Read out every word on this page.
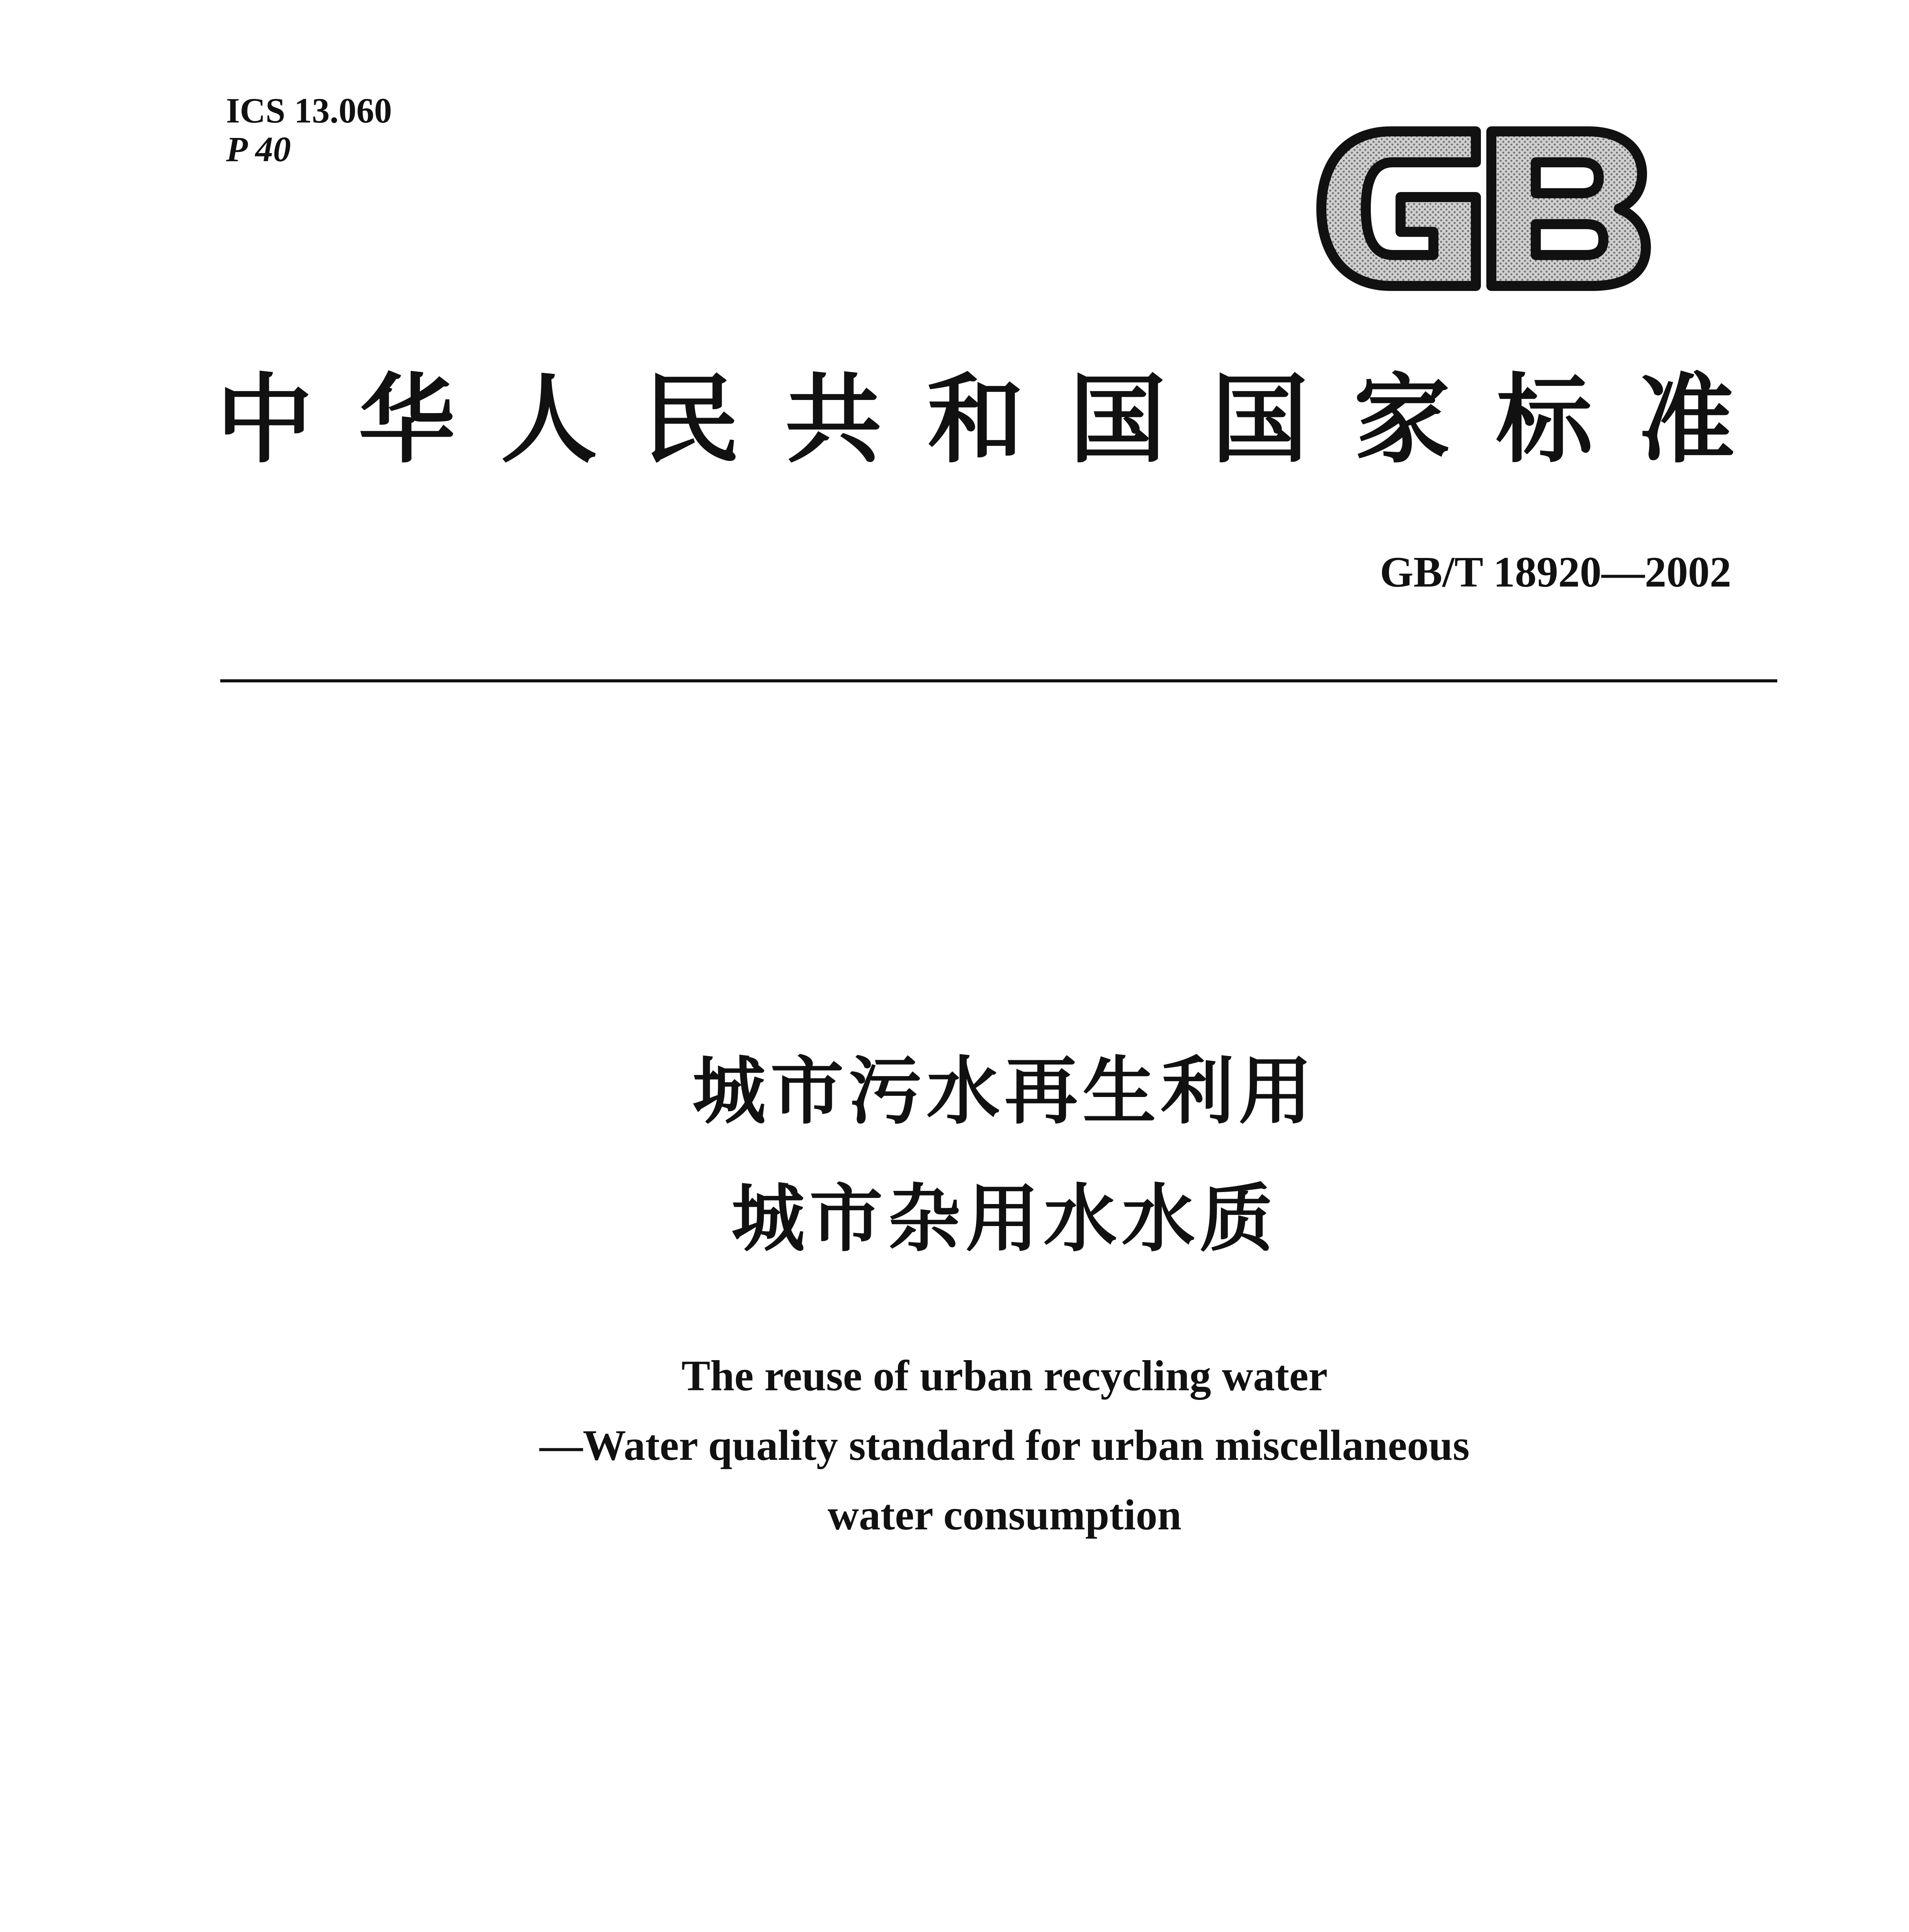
ICS 13.060
P 40
中华人民共和国国家标准
GB/T 18920—2002
城市污水再生利用
城市杂用水水质
The reuse of urban recycling water
—Water quality standard for urban miscellaneous
water consumption
